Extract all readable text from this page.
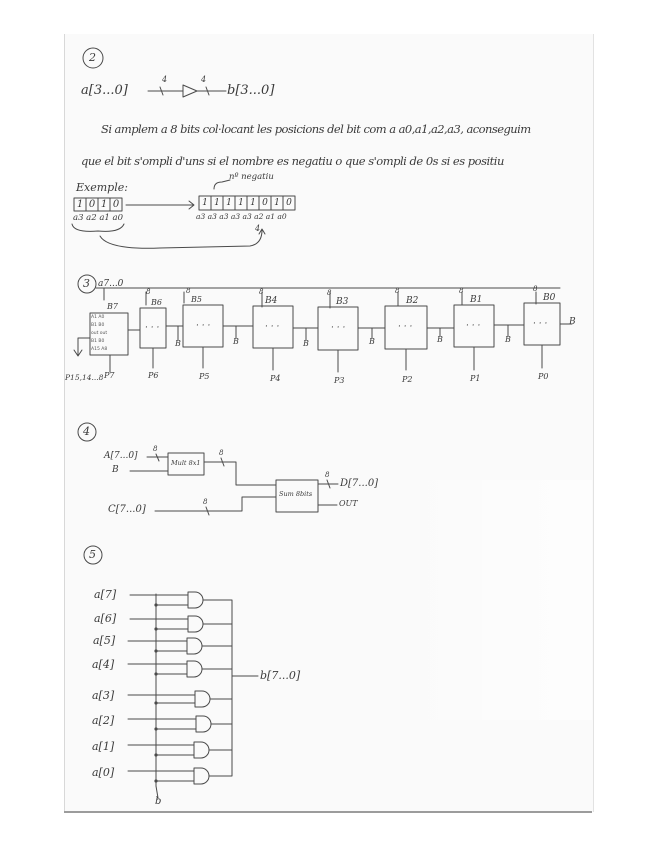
2
a[3...0]
4	4
b[3...0]
Si amplem a 8 bits col·locant les posicions del bit com a a0,a1,a2,a3, aconseguim
que el bit s'ompli d'uns si el nombre es negatiu o que s'ompli de 0s si es positiu
Exemple:
nº negatiu
1 0 1 0
a3 a2 a1 a0
1 1 1 1 1 0 1 0
a3 a3 a3 a3 a3 a2 a1 a0
4
3 a7...0
B7	B6	B5	B4	B3	B2	B1	B0
8	8	8	8	8	8	8
A1 A0
B1 B0
out out
B1 B0
A15 A8
· · ·	· · ·	· · ·	· · ·	· · ·	· · ·	· · ·
B	B	B	B	B	B
B
P7	P6	P5	P4	P3	P2	P1	P0
P15,14...8
4
A[7...0]
B
C[7...0]
Mult 8x1
Sum 8bits
8	8
8
8
D[7...0]
OUT
5
a[7]
a[6]
a[5]
a[4]
a[3]
a[2]
a[1]
a[0]
b[7...0]
b
